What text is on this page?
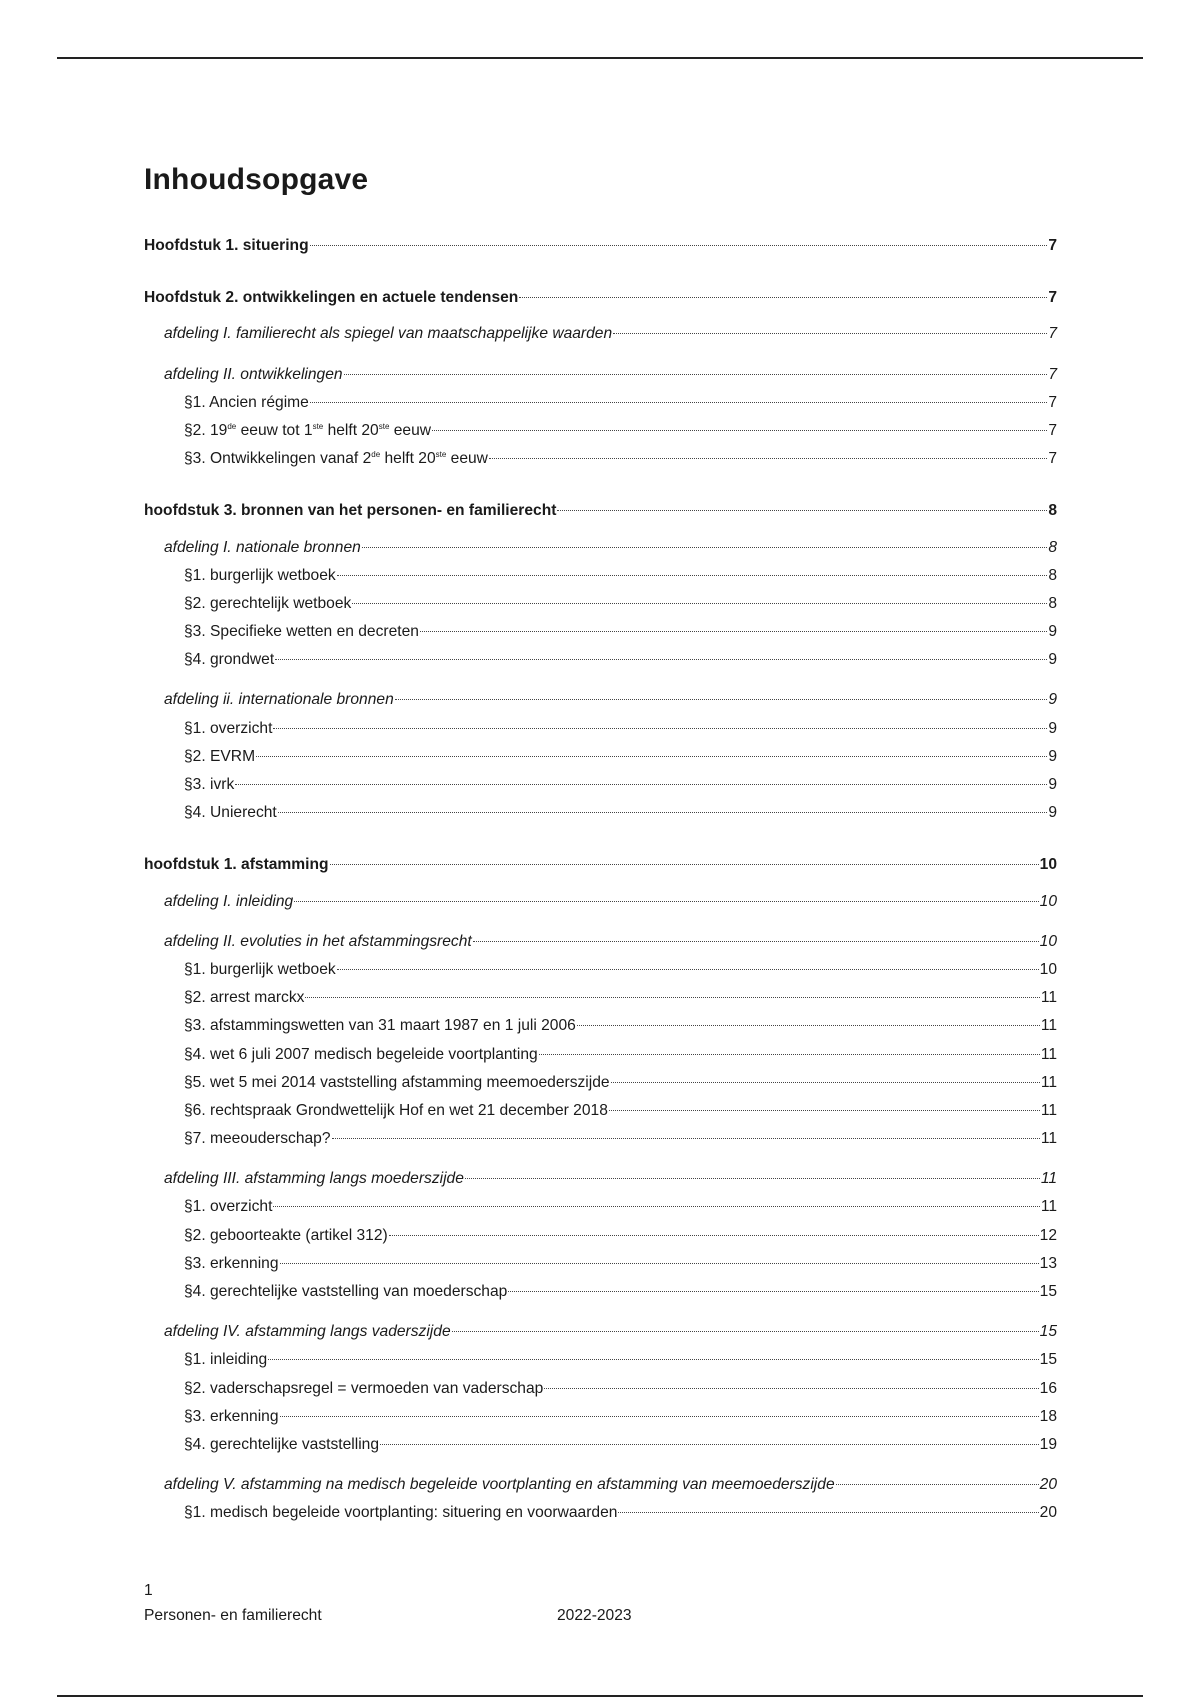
Inhoudsopgave
Hoofdstuk 1. situering	7
Hoofdstuk 2. ontwikkelingen en actuele tendensen	7
afdeling I. familierecht als spiegel van maatschappelijke waarden	7
afdeling II. ontwikkelingen	7
§1. Ancien régime	7
§2. 19de eeuw tot 1ste helft 20ste eeuw	7
§3. Ontwikkelingen vanaf 2de helft 20ste eeuw	7
hoofdstuk 3. bronnen van het personen- en familierecht	8
afdeling I. nationale bronnen	8
§1. burgerlijk wetboek	8
§2. gerechtelijk wetboek	8
§3. Specifieke wetten en decreten	9
§4. grondwet	9
afdeling ii. internationale bronnen	9
§1. overzicht	9
§2. EVRM	9
§3. ivrk	9
§4. Unierecht	9
hoofdstuk 1. afstamming	10
afdeling I. inleiding	10
afdeling II. evoluties in het afstammingsrecht	10
§1. burgerlijk wetboek	10
§2. arrest marckx	11
§3. afstammingswetten van 31 maart 1987 en 1 juli 2006	11
§4. wet 6 juli 2007 medisch begeleide voortplanting	11
§5. wet 5 mei 2014 vaststelling afstamming meemoederszijde	11
§6. rechtspraak Grondwettelijk Hof en wet 21 december 2018	11
§7. meeouderschap?	11
afdeling III. afstamming langs moederszijde	11
§1. overzicht	11
§2. geboorteakte (artikel 312)	12
§3. erkenning	13
§4. gerechtelijke vaststelling van moederschap	15
afdeling IV. afstamming langs vaderszijde	15
§1. inleiding	15
§2. vaderschapsregel = vermoeden van vaderschap	16
§3. erkenning	18
§4. gerechtelijke vaststelling	19
afdeling V. afstamming na medisch begeleide voortplanting en afstamming van meemoederszijde	20
§1. medisch begeleide voortplanting: situering en voorwaarden	20
1
Personen- en familierecht	2022-2023
